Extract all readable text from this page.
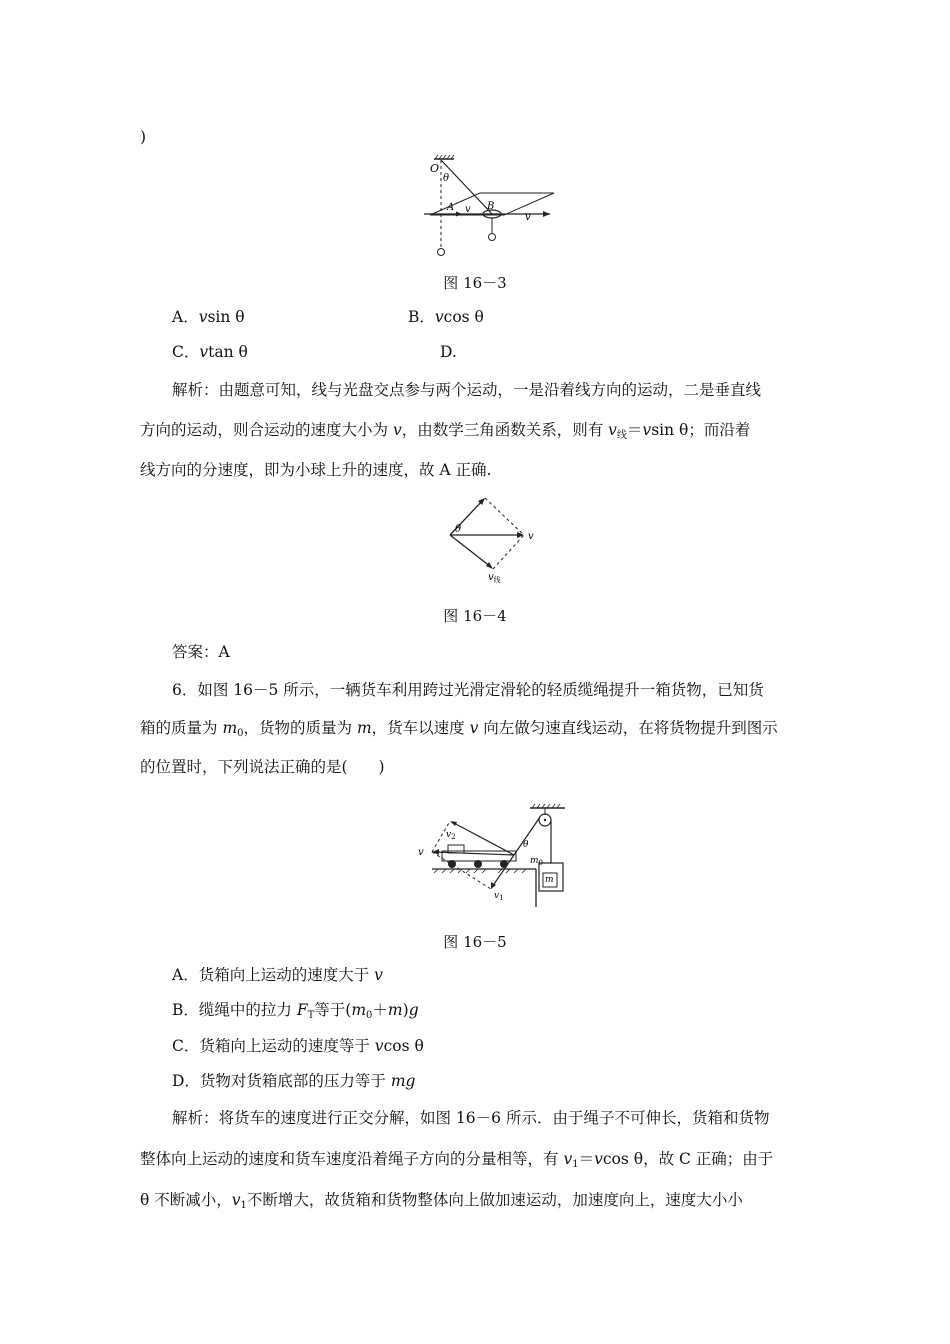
)
O
θ
A v B
v
图 16－3
A．vsin θ	B．vcos θ
C．vtan θ	D.
解析：由题意可知，线与光盘交点参与两个运动，一是沿着线方向的运动，二是垂直线
方向的运动，则合运动的速度大小为 v，由数学三角函数关系，则有 $v_线=vsin$ θ；而沿着
线方向的分速度，即为小球上升的速度，故 A 正确.
θ
v
$v_线$
图 16－4
答案：A
6．如图 16－5 所示，一辆货车利用跨过光滑定滑轮的轻质缆绳提升一箱货物，已知货
箱的质量为 $m_0$，货物的质量为 m，货车以速度 v 向左做匀速直线运动，在将货物提升到图示
的位置时，下列说法正确的是(　　)
$v_2$
v
$v_1$
θ
$m_0$
m
图 16－5
A．货箱向上运动的速度大于 v
B．缆绳中的拉力 $F_T$等于$(m_0+m)g$
C．货箱向上运动的速度等于 vcos θ
D．货物对货箱底部的压力等于 mg
解析：将货车的速度进行正交分解，如图 16－6 所示．由于绳子不可伸长，货箱和货物
整体向上运动的速度和货车速度沿着绳子方向的分量相等，有 $v_1=vcos$ θ，故 C 正确；由于
θ 不断减小，$v_1$不断增大，故货箱和货物整体向上做加速运动，加速度向上，速度大小小
